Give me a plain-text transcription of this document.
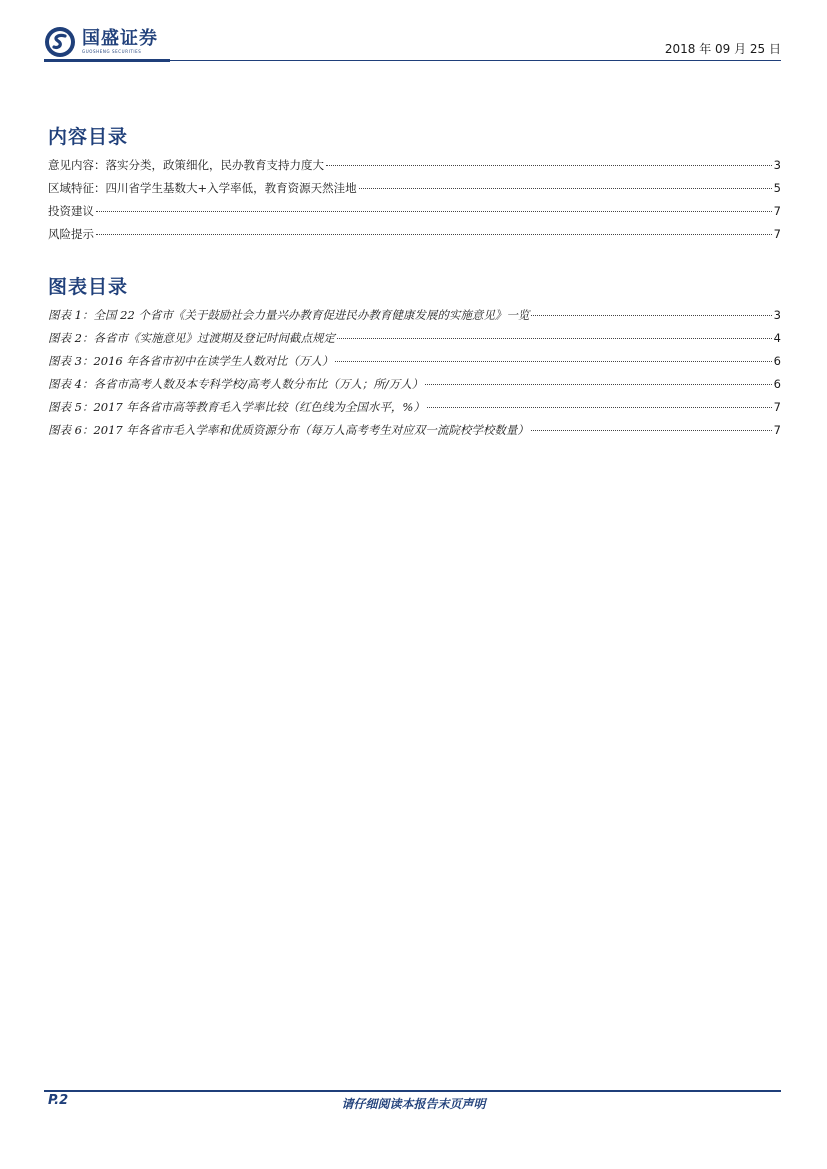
国盛证券
GUOSHENG SECURITIES	2018 年 09 月 25 日
内容目录
意见内容：落实分类，政策细化，民办教育支持力度大	3
区域特征：四川省学生基数大+入学率低，教育资源天然洼地	5
投资建议	7
风险提示	7
图表目录
图表 1：全国 22 个省市《关于鼓励社会力量兴办教育促进民办教育健康发展的实施意见》一览	3
图表 2：各省市《实施意见》过渡期及登记时间截点规定	4
图表 3：2016 年各省市初中在读学生人数对比（万人）	6
图表 4：各省市高考人数及本专科学校/高考人数分布比（万人；所/万人）	6
图表 5：2017 年各省市高等教育毛入学率比较（红色线为全国水平，%）	7
图表 6：2017 年各省市毛入学率和优质资源分布（每万人高考考生对应双一流院校学校数量）	7
P.2	请仔细阅读本报告末页声明
